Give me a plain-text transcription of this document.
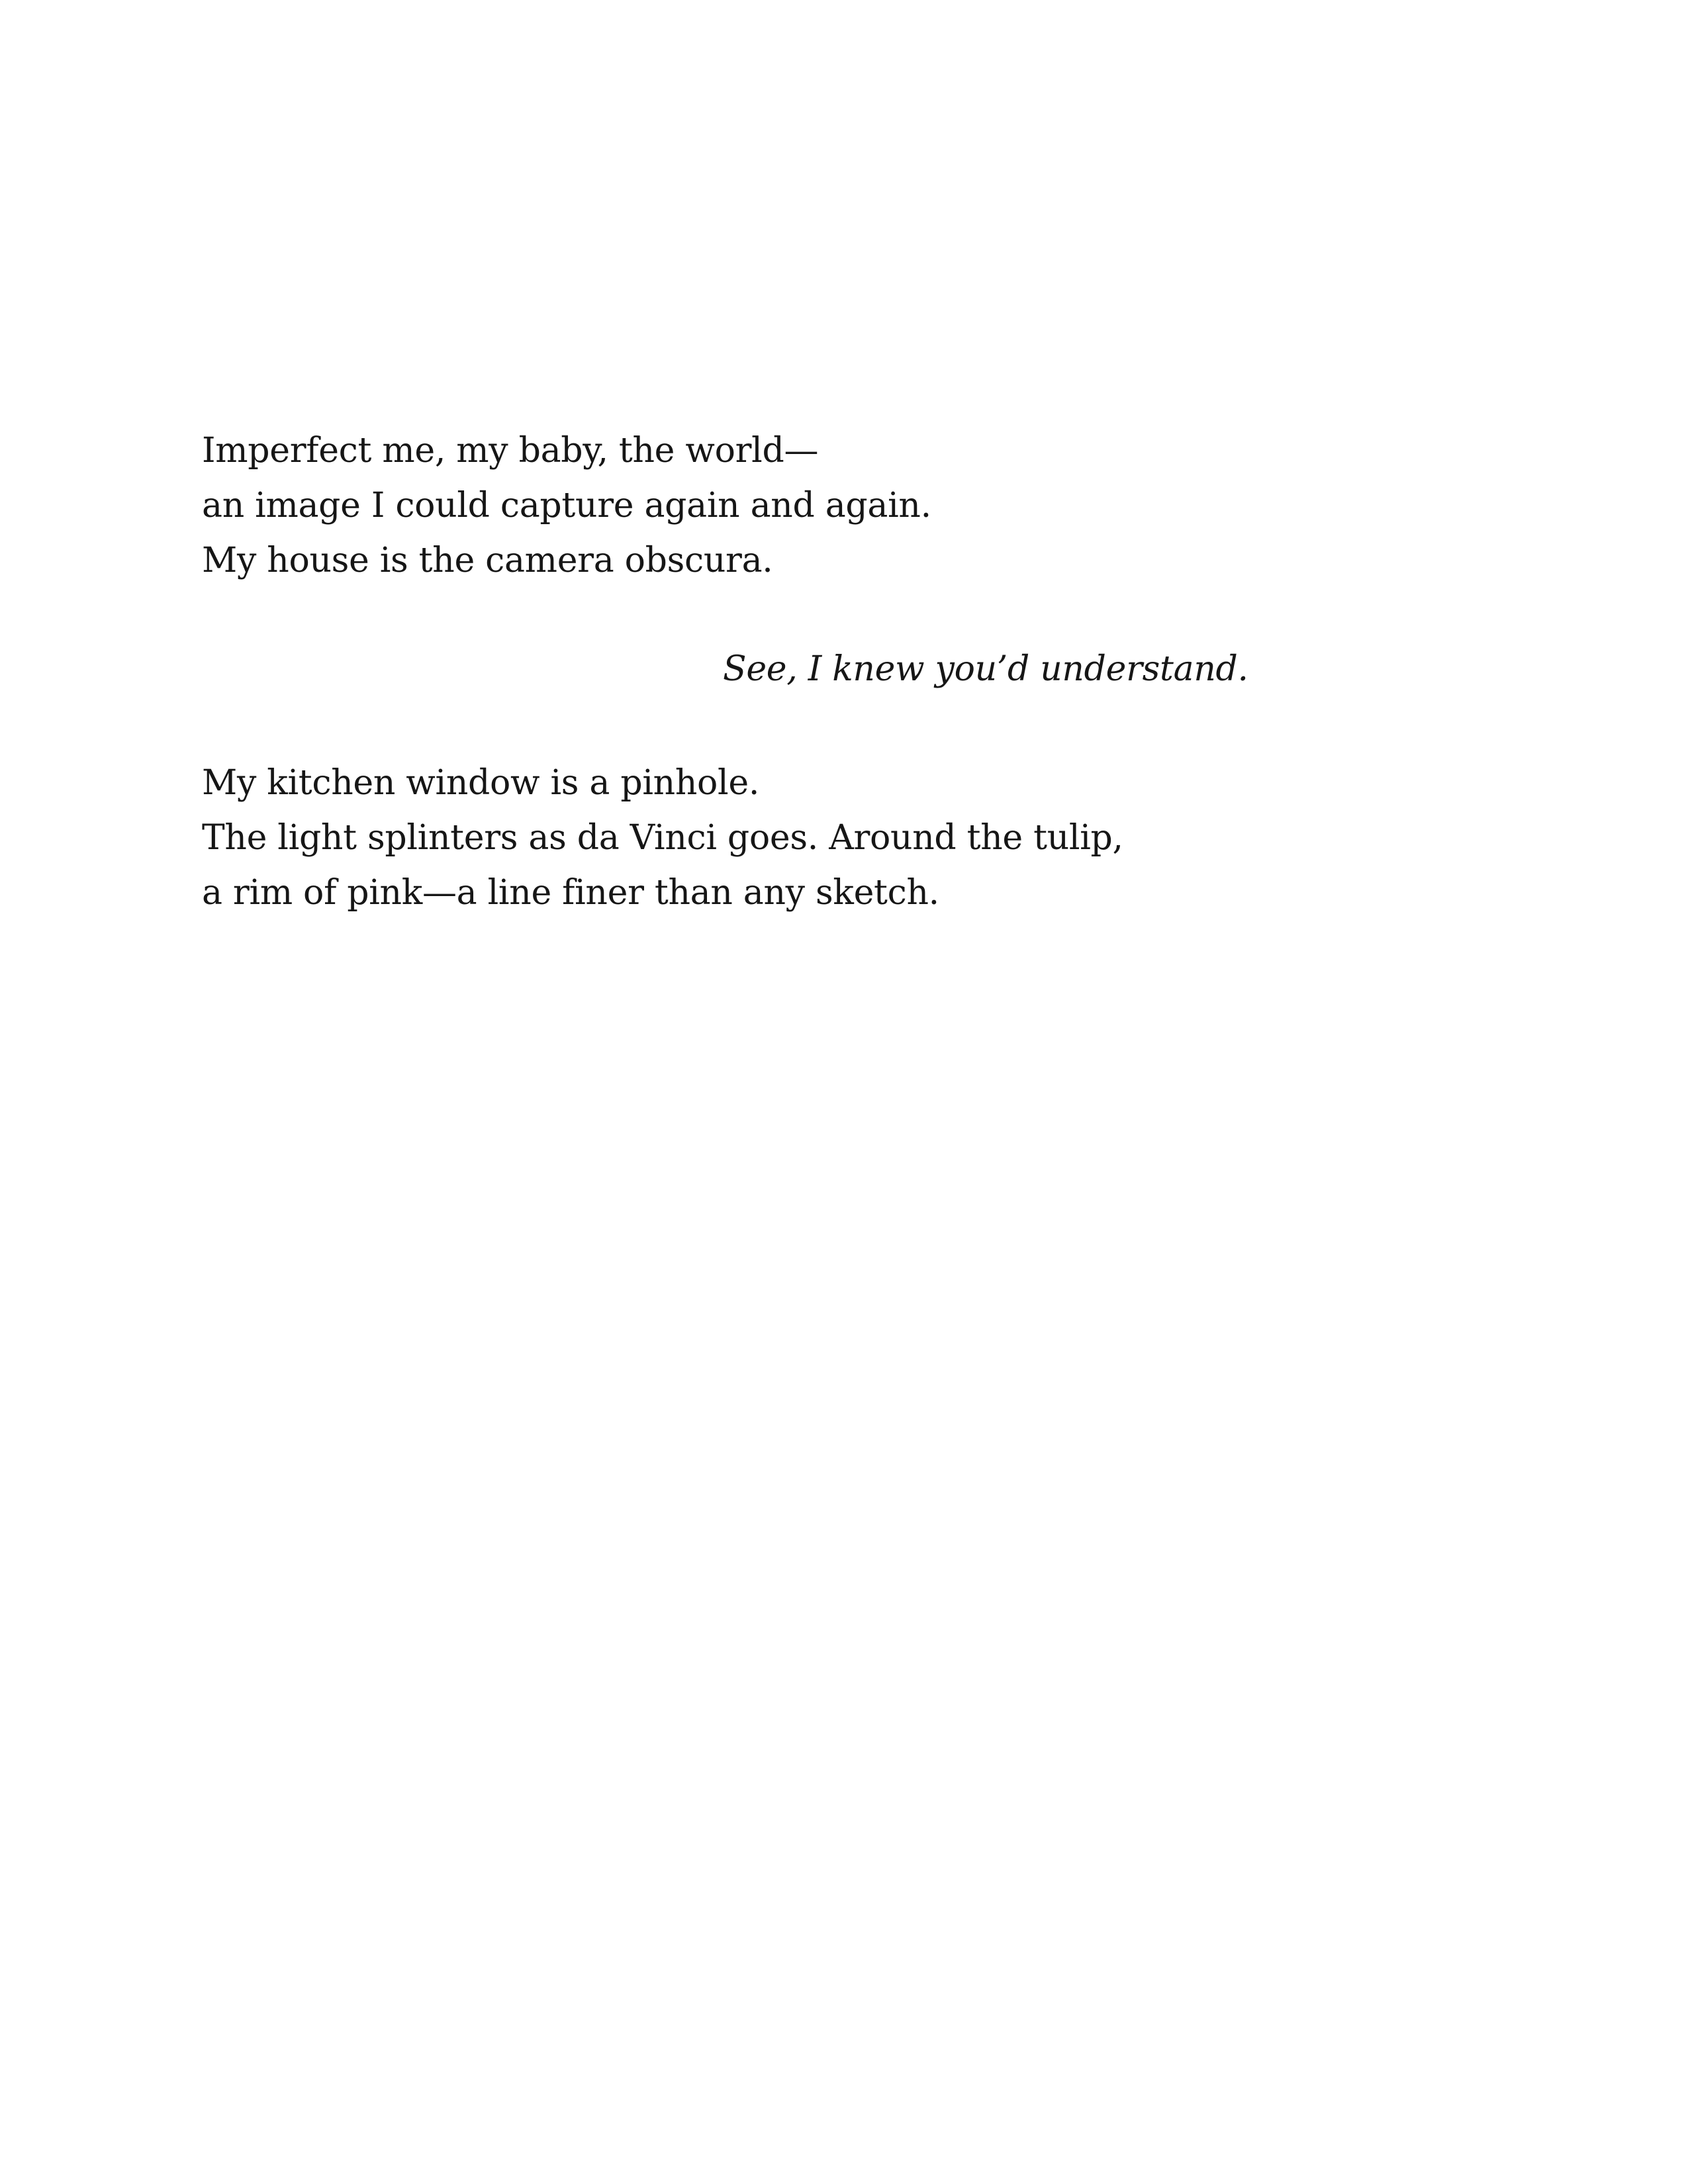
Imperfect me, my baby, the world—
an image I could capture again and again.
My house is the camera obscura.
See, I knew you’d understand.
My kitchen window is a pinhole.
The light splinters as da Vinci goes. Around the tulip,
a rim of pink—a line finer than any sketch.
